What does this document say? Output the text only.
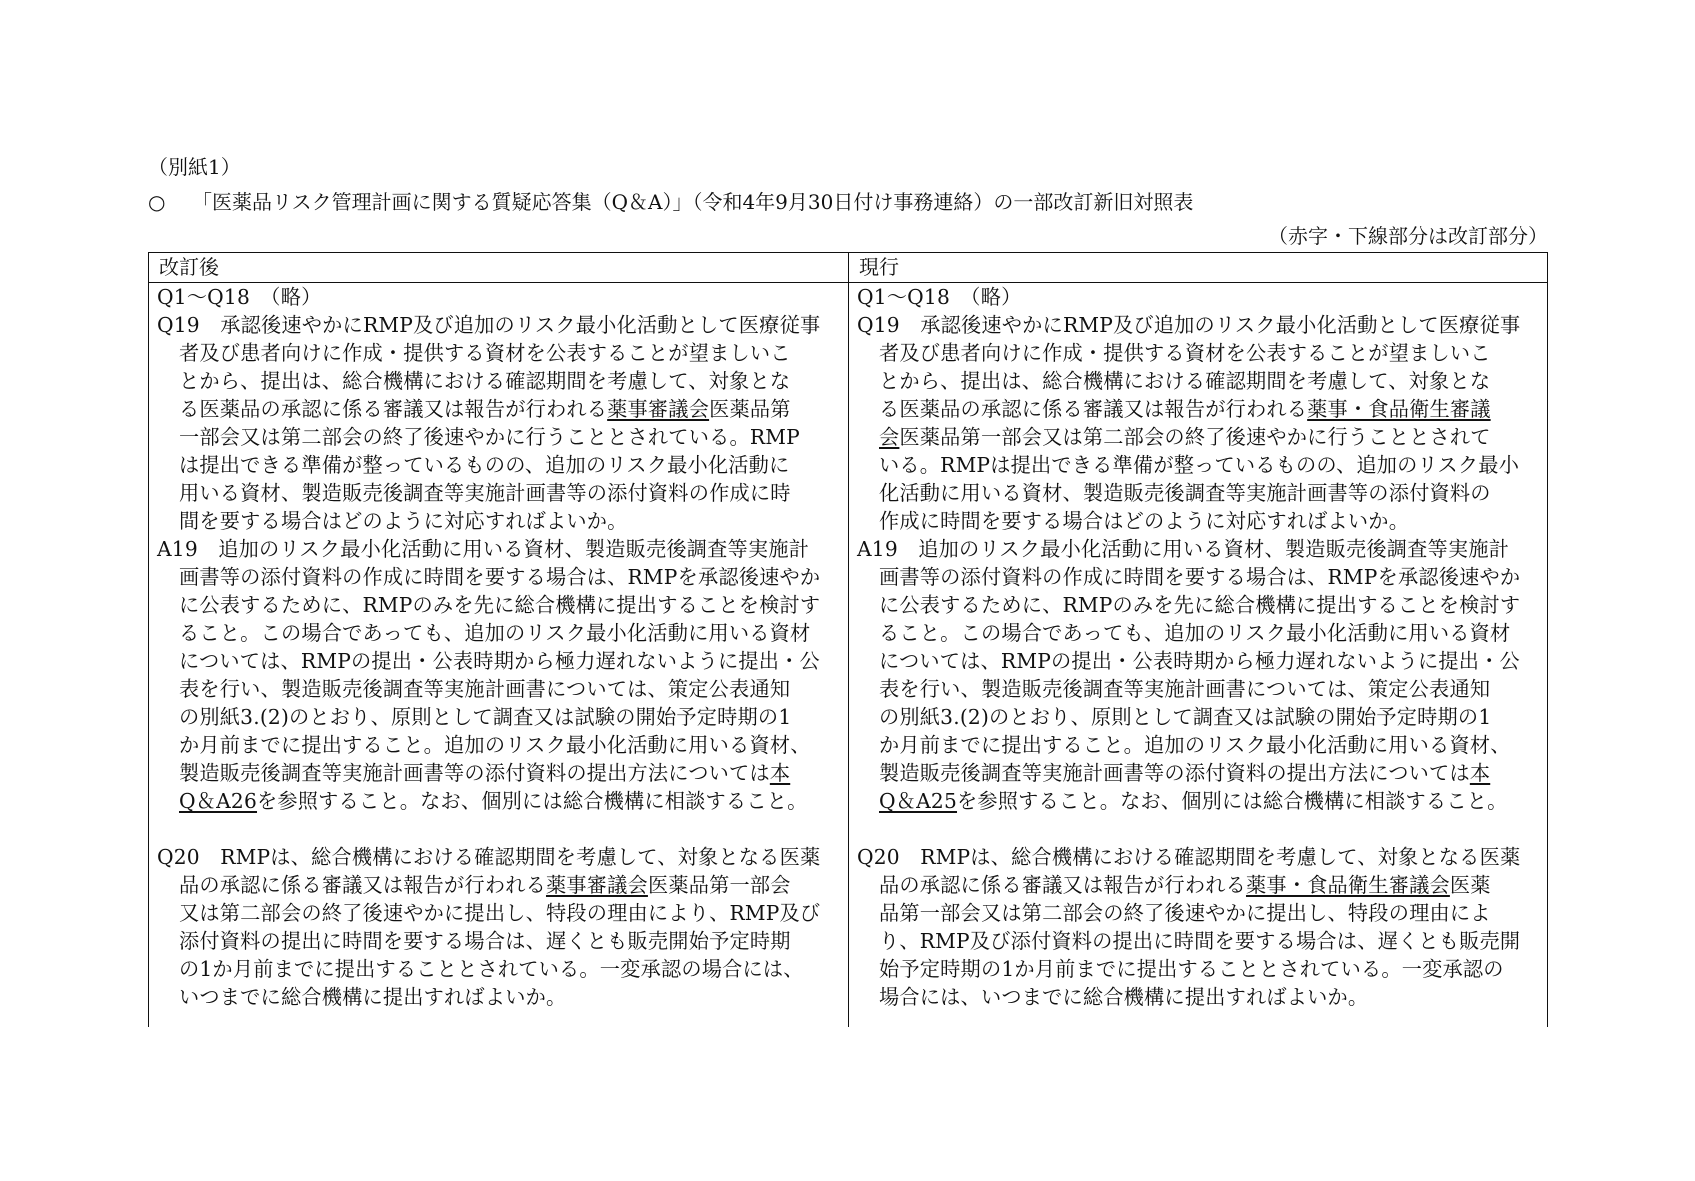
（別紙1）
○ 「医薬品リスク管理計画に関する質疑応答集（Q＆A）」（令和4年9月30日付け事務連絡）の一部改訂新旧対照表
（赤字・下線部分は改訂部分）
改訂後	現行
Q1～Q18　（略）
Q19　承認後速やかにRMP及び追加のリスク最小化活動として医療従事
者及び患者向けに作成・提供する資材を公表することが望ましいこ
とから、提出は、総合機構における確認期間を考慮して、対象とな
る医薬品の承認に係る審議又は報告が行われる薬事審議会医薬品第
一部会又は第二部会の終了後速やかに行うこととされている。RMP
は提出できる準備が整っているものの、追加のリスク最小化活動に
用いる資材、製造販売後調査等実施計画書等の添付資料の作成に時
間を要する場合はどのように対応すればよいか。
A19　追加のリスク最小化活動に用いる資材、製造販売後調査等実施計
画書等の添付資料の作成に時間を要する場合は、RMPを承認後速やか
に公表するために、RMPのみを先に総合機構に提出することを検討す
ること。この場合であっても、追加のリスク最小化活動に用いる資材
については、RMPの提出・公表時期から極力遅れないように提出・公
表を行い、製造販売後調査等実施計画書については、策定公表通知
の別紙3.(2)のとおり、原則として調査又は試験の開始予定時期の1
か月前までに提出すること。追加のリスク最小化活動に用いる資材、
製造販売後調査等実施計画書等の添付資料の提出方法については本
Q＆A26を参照すること。なお、個別には総合機構に相談すること。
Q20　RMPは、総合機構における確認期間を考慮して、対象となる医薬
品の承認に係る審議又は報告が行われる薬事審議会医薬品第一部会
又は第二部会の終了後速やかに提出し、特段の理由により、RMP及び
添付資料の提出に時間を要する場合は、遅くとも販売開始予定時期
の1か月前までに提出することとされている。一変承認の場合には、
いつまでに総合機構に提出すればよいか。
Q1～Q18　（略）
Q19　承認後速やかにRMP及び追加のリスク最小化活動として医療従事
者及び患者向けに作成・提供する資材を公表することが望ましいこ
とから、提出は、総合機構における確認期間を考慮して、対象とな
る医薬品の承認に係る審議又は報告が行われる薬事・食品衛生審議
会医薬品第一部会又は第二部会の終了後速やかに行うこととされて
いる。RMPは提出できる準備が整っているものの、追加のリスク最小
化活動に用いる資材、製造販売後調査等実施計画書等の添付資料の
作成に時間を要する場合はどのように対応すればよいか。
A19　追加のリスク最小化活動に用いる資材、製造販売後調査等実施計
画書等の添付資料の作成に時間を要する場合は、RMPを承認後速やか
に公表するために、RMPのみを先に総合機構に提出することを検討す
ること。この場合であっても、追加のリスク最小化活動に用いる資材
については、RMPの提出・公表時期から極力遅れないように提出・公
表を行い、製造販売後調査等実施計画書については、策定公表通知
の別紙3.(2)のとおり、原則として調査又は試験の開始予定時期の1
か月前までに提出すること。追加のリスク最小化活動に用いる資材、
製造販売後調査等実施計画書等の添付資料の提出方法については本
Q＆A25を参照すること。なお、個別には総合機構に相談すること。
Q20　RMPは、総合機構における確認期間を考慮して、対象となる医薬
品の承認に係る審議又は報告が行われる薬事・食品衛生審議会医薬
品第一部会又は第二部会の終了後速やかに提出し、特段の理由によ
り、RMP及び添付資料の提出に時間を要する場合は、遅くとも販売開
始予定時期の1か月前までに提出することとされている。一変承認の
場合には、いつまでに総合機構に提出すればよいか。
